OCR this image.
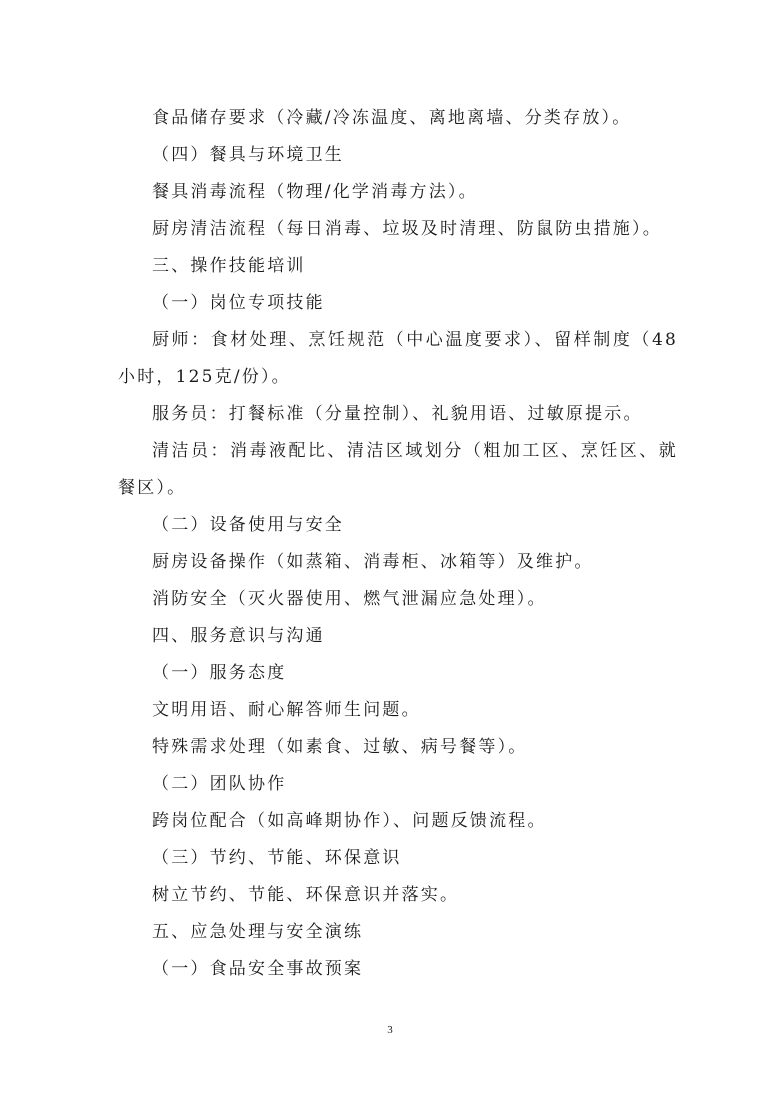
食品储存要求（冷藏/冷冻温度、离地离墙、分类存放）。

（四）餐具与环境卫生

餐具消毒流程（物理/化学消毒方法）。

厨房清洁流程（每日消毒、垃圾及时清理、防鼠防虫措施）。

三、操作技能培训

（一）岗位专项技能

厨师：食材处理、烹饪规范（中心温度要求）、留样制度（48小时，125克/份）。

服务员：打餐标准（分量控制）、礼貌用语、过敏原提示。

清洁员：消毒液配比、清洁区域划分（粗加工区、烹饪区、就餐区）。

（二）设备使用与安全

厨房设备操作（如蒸箱、消毒柜、冰箱等）及维护。

消防安全（灭火器使用、燃气泄漏应急处理）。

四、服务意识与沟通

（一）服务态度

文明用语、耐心解答师生问题。

特殊需求处理（如素食、过敏、病号餐等）。

（二）团队协作

跨岗位配合（如高峰期协作）、问题反馈流程。

（三）节约、节能、环保意识

树立节约、节能、环保意识并落实。

五、应急处理与安全演练

（一）食品安全事故预案

3
